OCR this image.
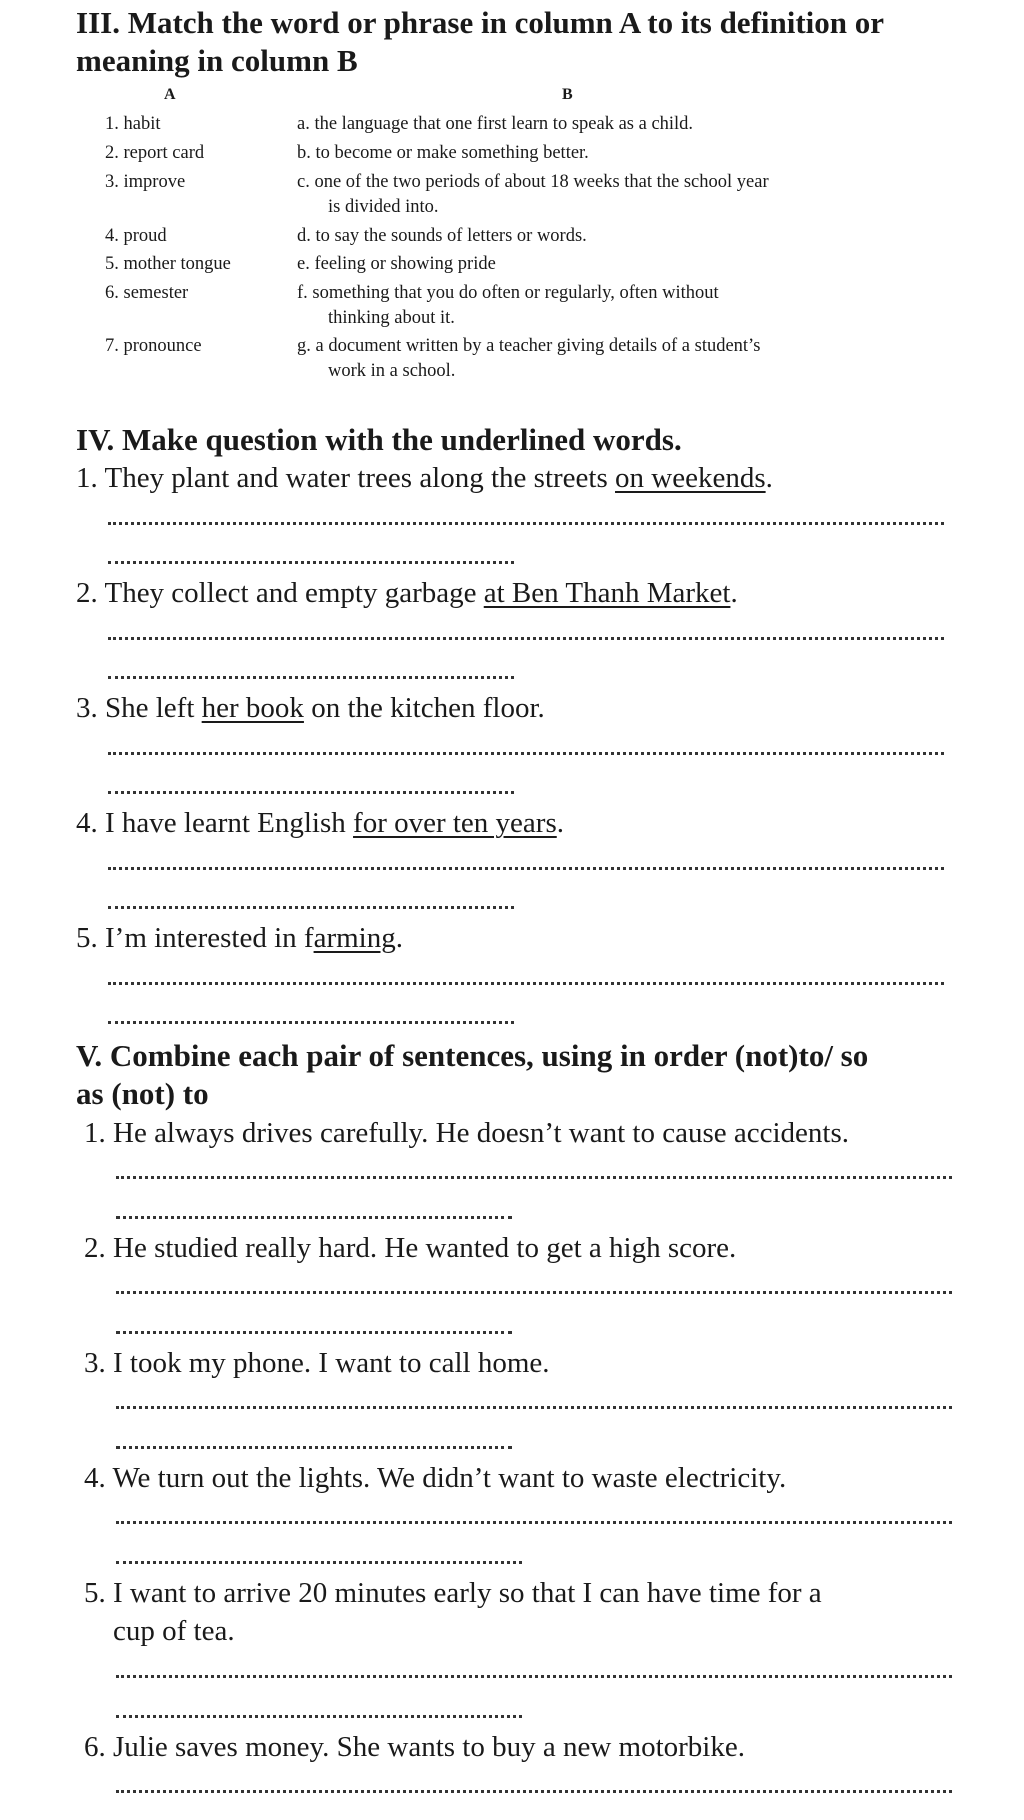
III. Match the word or phrase in column A to its definition or
meaning in column B
A	B
1. habit
2. report card
3. improve
4. proud
5. mother tongue
6. semester
7. pronounce
a. the language that one first learn to speak as a child.
b. to become or make something better.
c. one of the two periods of about 18 weeks that the school year
is divided into.
d. to say the sounds of letters or words.
e. feeling or showing pride
f. something that you do often or regularly, often without
thinking about it.
g. a document written by a teacher giving details of a student’s
work in a school.
IV. Make question with the underlined words.
1. They plant and water trees along the streets on weekends.
2. They collect and empty garbage at Ben Thanh Market.
3. She left her book on the kitchen floor.
4. I have learnt English for over ten years.
5. I’m interested in farming.
V. Combine each pair of sentences, using in order (not)to/ so
as (not) to
1. He always drives carefully. He doesn’t want to cause accidents.
2. He studied really hard. He wanted to get a high score.
3. I took my phone. I want to call home.
4. We turn out the lights. We didn’t want to waste electricity.
5. I want to arrive 20 minutes early so that I can have time for a
cup of tea.
6. Julie saves money. She wants to buy a new motorbike.
